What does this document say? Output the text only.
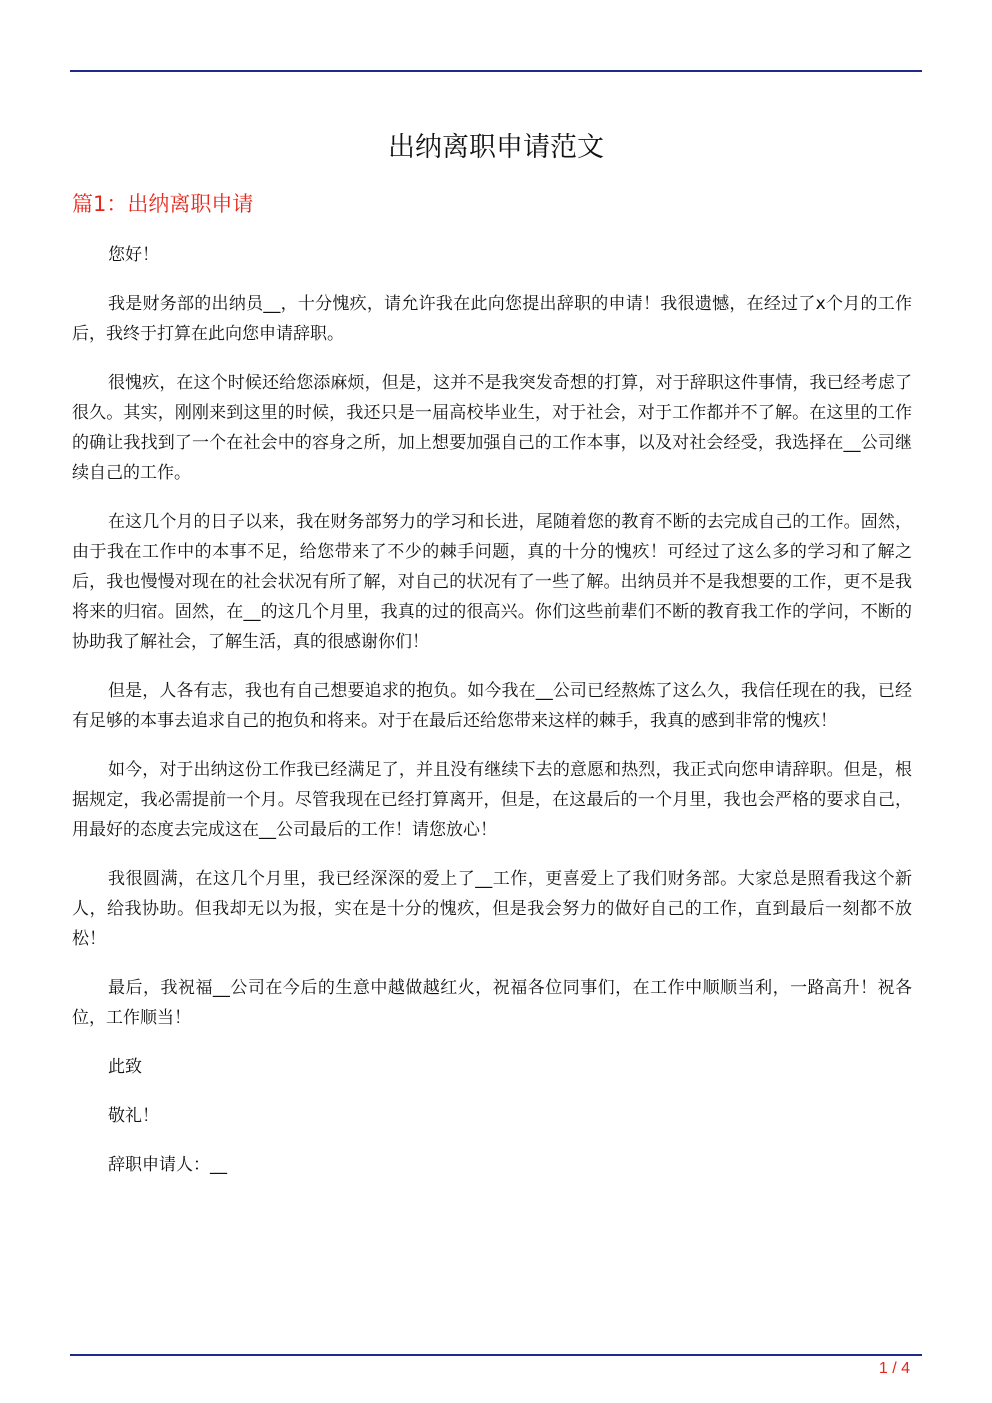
出纳离职申请范文
篇1：出纳离职申请

您好！

我是财务部的出纳员__，十分愧疚，请允许我在此向您提出辞职的申请！我很遗憾，在经过了x个月的工作后，我终于打算在此向您申请辞职。

很愧疚，在这个时候还给您添麻烦，但是，这并不是我突发奇想的打算，对于辞职这件事情，我已经考虑了很久。其实，刚刚来到这里的时候，我还只是一届高校毕业生，对于社会，对于工作都并不了解。在这里的工作的确让我找到了一个在社会中的容身之所，加上想要加强自己的工作本事，以及对社会经受，我选择在__公司继续自己的工作。

在这几个月的日子以来，我在财务部努力的学习和长进，尾随着您的教育不断的去完成自己的工作。固然，由于我在工作中的本事不足，给您带来了不少的棘手问题，真的十分的愧疚！可经过了这么多的学习和了解之后，我也慢慢对现在的社会状况有所了解，对自己的状况有了一些了解。出纳员并不是我想要的工作，更不是我将来的归宿。固然，在__的这几个月里，我真的过的很高兴。你们这些前辈们不断的教育我工作的学问，不断的协助我了解社会，了解生活，真的很感谢你们！

但是，人各有志，我也有自己想要追求的抱负。如今我在__公司已经熬炼了这么久，我信任现在的我，已经有足够的本事去追求自己的抱负和将来。对于在最后还给您带来这样的棘手，我真的感到非常的愧疚！

如今，对于出纳这份工作我已经满足了，并且没有继续下去的意愿和热烈，我正式向您申请辞职。但是，根据规定，我必需提前一个月。尽管我现在已经打算离开，但是，在这最后的一个月里，我也会严格的要求自己，用最好的态度去完成这在__公司最后的工作！请您放心！

我很圆满，在这几个月里，我已经深深的爱上了__工作，更喜爱上了我们财务部。大家总是照看我这个新人，给我协助。但我却无以为报，实在是十分的愧疚，但是我会努力的做好自己的工作，直到最后一刻都不放松！

最后，我祝福__公司在今后的生意中越做越红火，祝福各位同事们，在工作中顺顺当利，一路高升！祝各位，工作顺当！

此致

敬礼！

辞职申请人：__

1 / 4
